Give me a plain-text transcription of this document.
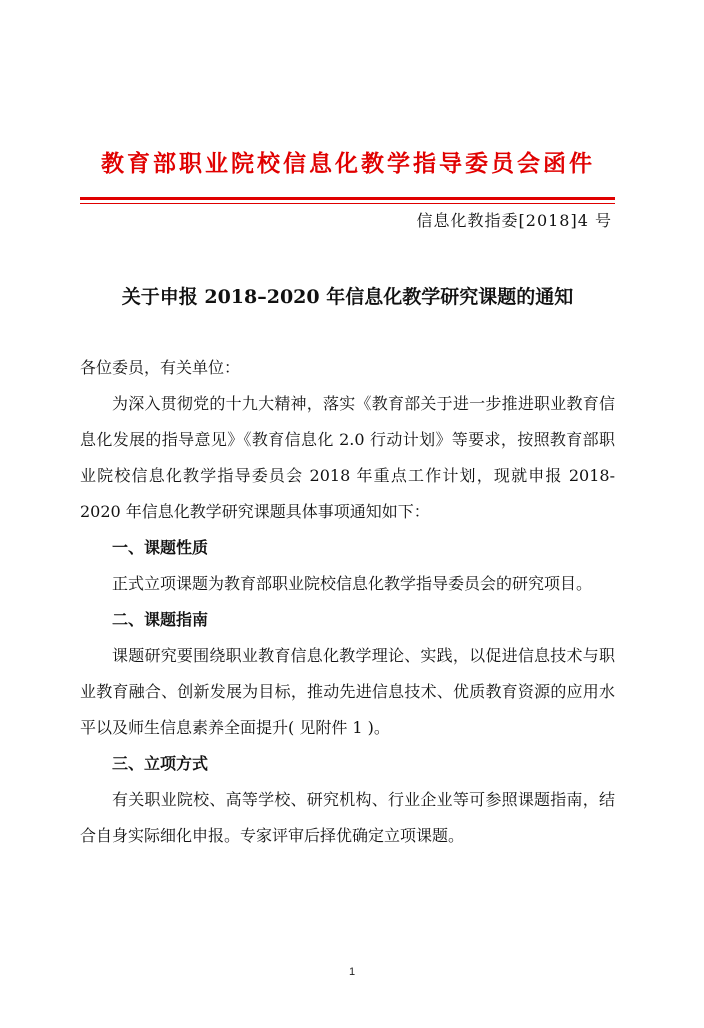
教育部职业院校信息化教学指导委员会函件
信息化教指委[2018]4 号
关于申报 2018–2020 年信息化教学研究课题的通知

各位委员，有关单位：

为深入贯彻党的十九大精神，落实《教育部关于进一步推进职业教育信息化发展的指导意见》《教育信息化 2.0 行动计划》等要求，按照教育部职业院校信息化教学指导委员会 2018 年重点工作计划，现就申报 2018-2020 年信息化教学研究课题具体事项通知如下：

一、课题性质

正式立项课题为教育部职业院校信息化教学指导委员会的研究项目。

二、课题指南

课题研究要围绕职业教育信息化教学理论、实践，以促进信息技术与职业教育融合、创新发展为目标，推动先进信息技术、优质教育资源的应用水平以及师生信息素养全面提升( 见附件 1 )。

三、立项方式

有关职业院校、高等学校、研究机构、行业企业等可参照课题指南，结合自身实际细化申报。专家评审后择优确定立项课题。

1
